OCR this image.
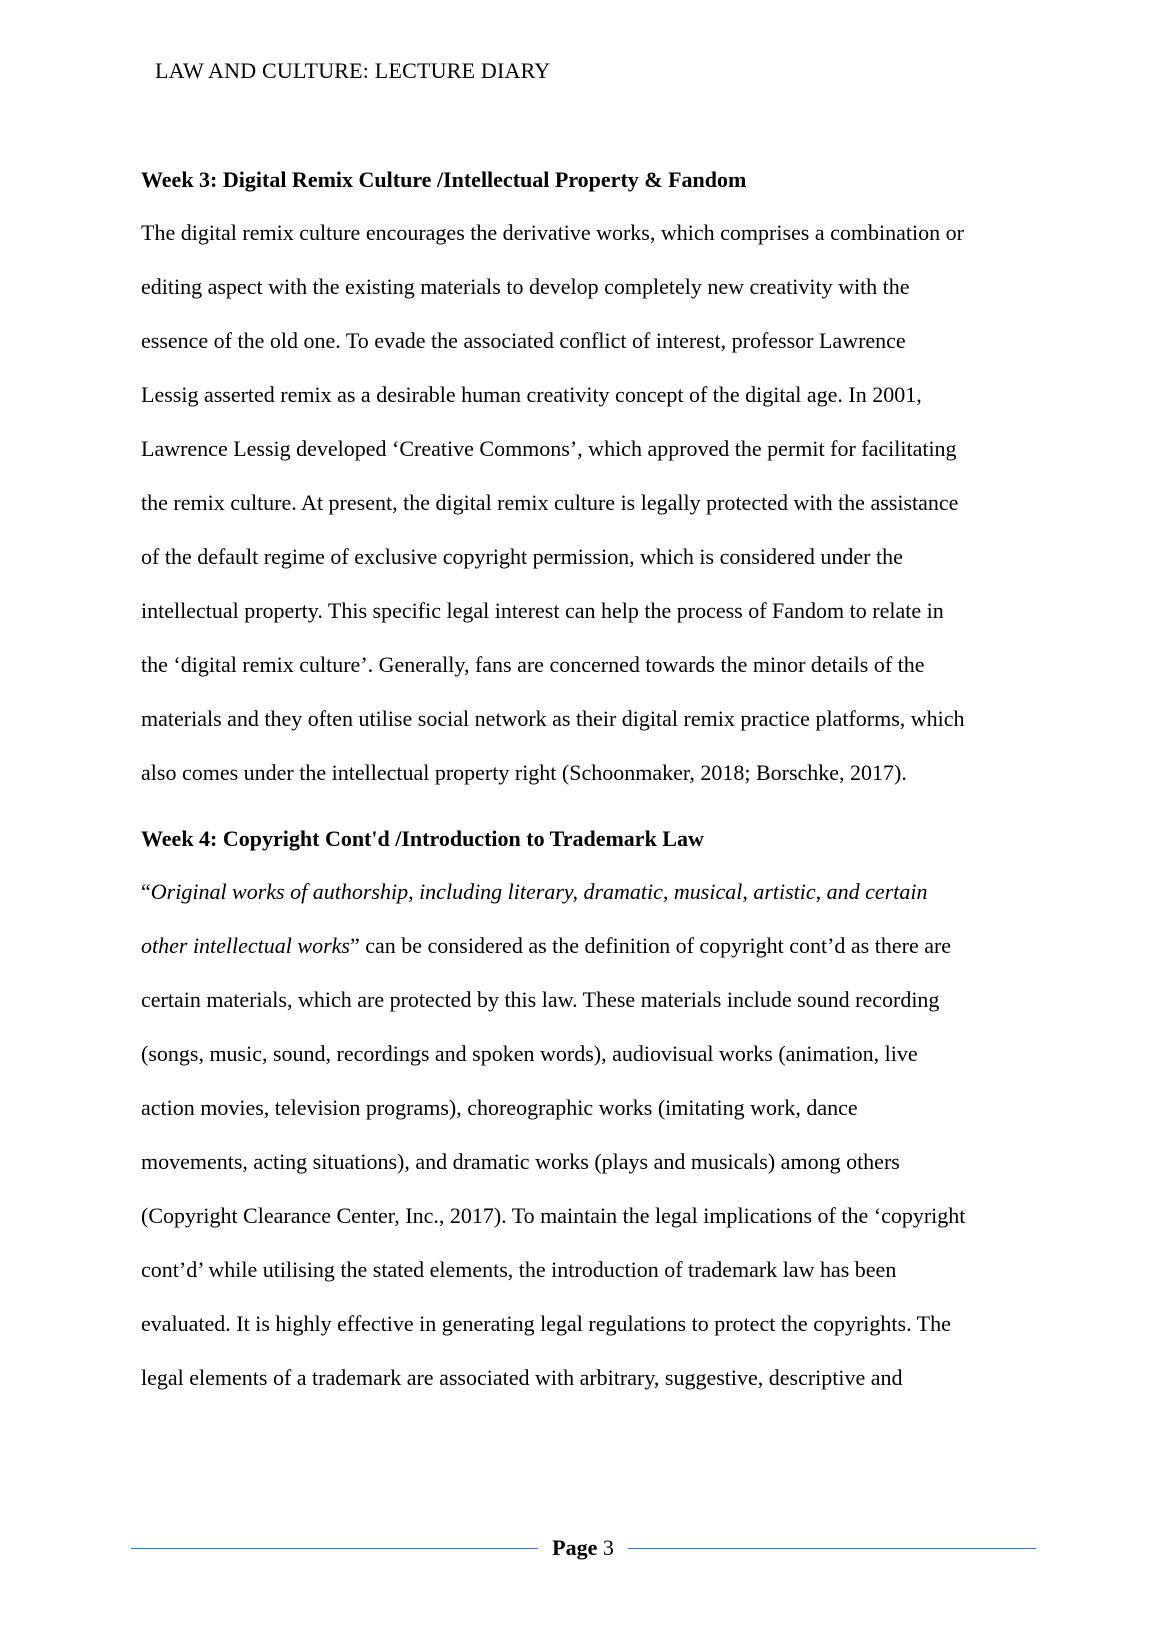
LAW AND CULTURE: LECTURE DIARY
Week 3: Digital Remix Culture /Intellectual Property & Fandom

The digital remix culture encourages the derivative works, which comprises a combination or
editing aspect with the existing materials to develop completely new creativity with the
essence of the old one. To evade the associated conflict of interest, professor Lawrence
Lessig asserted remix as a desirable human creativity concept of the digital age. In 2001,
Lawrence Lessig developed ‘Creative Commons’, which approved the permit for facilitating
the remix culture. At present, the digital remix culture is legally protected with the assistance
of the default regime of exclusive copyright permission, which is considered under the
intellectual property. This specific legal interest can help the process of Fandom to relate in
the ‘digital remix culture’. Generally, fans are concerned towards the minor details of the
materials and they often utilise social network as their digital remix practice platforms, which
also comes under the intellectual property right (Schoonmaker, 2018; Borschke, 2017).

Week 4: Copyright Cont'd /Introduction to Trademark Law

“Original works of authorship, including literary, dramatic, musical, artistic, and certain
other intellectual works” can be considered as the definition of copyright cont’d as there are
certain materials, which are protected by this law. These materials include sound recording
(songs, music, sound, recordings and spoken words), audiovisual works (animation, live
action movies, television programs), choreographic works (imitating work, dance
movements, acting situations), and dramatic works (plays and musicals) among others
(Copyright Clearance Center, Inc., 2017). To maintain the legal implications of the ‘copyright
cont’d’ while utilising the stated elements, the introduction of trademark law has been
evaluated. It is highly effective in generating legal regulations to protect the copyrights. The
legal elements of a trademark are associated with arbitrary, suggestive, descriptive and

Page 3
